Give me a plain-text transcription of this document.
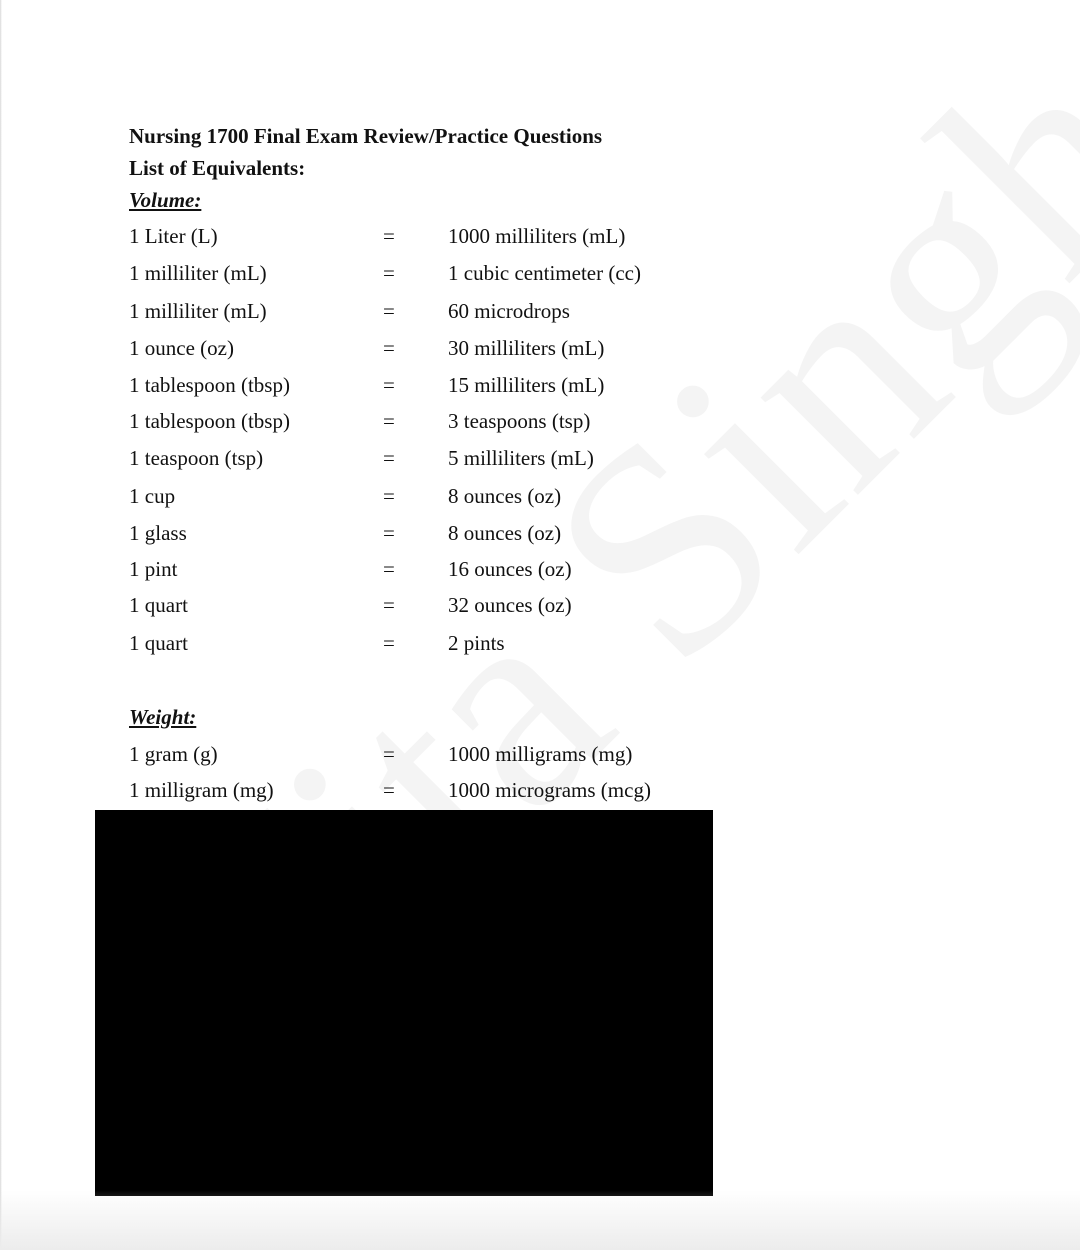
Nursing 1700 Final Exam Review/Practice Questions
List of Equivalents:
Volume:
1 Liter (L)	=	1000 milliliters (mL)
1 milliliter (mL)	=	1 cubic centimeter (cc)
1 milliliter (mL)	=	60 microdrops
1 ounce (oz)	=	30 milliliters (mL)
1 tablespoon (tbsp)	=	15 milliliters (mL)
1 tablespoon (tbsp)	=	3 teaspoons (tsp)
1 teaspoon (tsp)	=	5 milliliters (mL)
1 cup	=	8 ounces (oz)
1 glass	=	8 ounces (oz)
1 pint	=	16 ounces (oz)
1 quart	=	32 ounces (oz)
1 quart	=	2 pints
Weight:
1 gram (g)	=	1000 milligrams (mg)
1 milligram (mg)	=	1000 micrograms (mcg)
